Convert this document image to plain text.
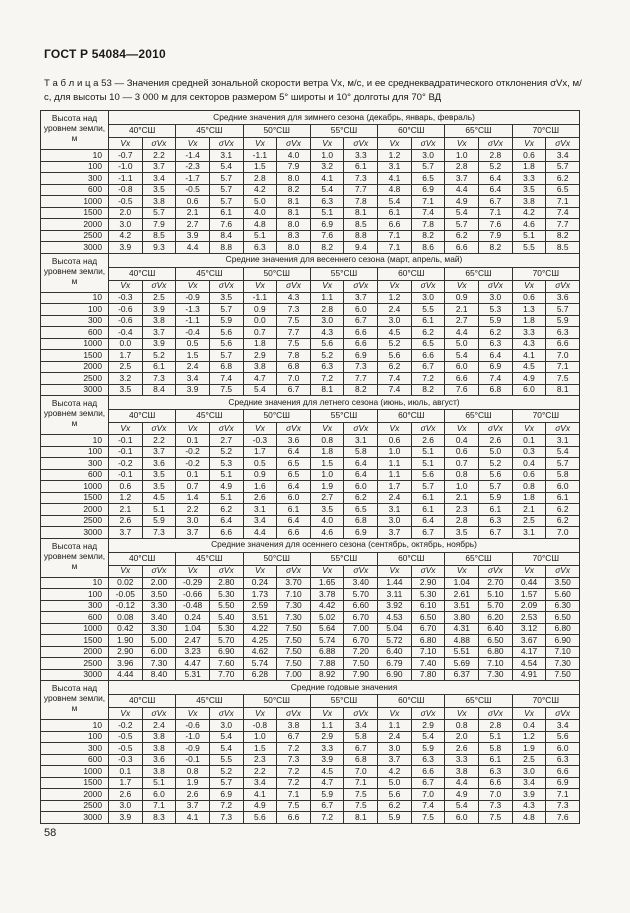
ГОСТ Р 54084—2010
Т а б л и ц а 53 — Значения средней зональной скорости ветра Vx, м/с, и ее среднеквадратического отклонения σVx, м/с, для высоты 10 — 3 000 м для секторов размером 5° широты и 10° долготы для 70° ВД
Высота над уровнем земли, м	Средние значения для зимнего сезона (декабрь, январь, февраль)													
	40°СШ		45°СШ		50°СШ		55°СШ		60°СШ		65°СШ		70°СШ	
	Vx	σVx	Vx	σVx	Vx	σVx	Vx	σVx	Vx	σVx	Vx	σVx	Vx	σVx
10	-0.7	2.2	-1.4	3.1	-1.1	4.0	1.0	3.3	1.2	3.0	1.0	2.8	0.6	3.4
100	-1.0	3.7	-2.3	5.4	1.5	7.9	3.2	6.1	3.1	5.7	2.8	5.2	1.8	5.7
300	-1.1	3.4	-1.7	5.7	2.8	8.0	4.1	7.3	4.1	6.5	3.7	6.4	3.3	6.2
600	-0.8	3.5	-0.5	5.7	4.2	8.2	5.4	7.7	4.8	6.9	4.4	6.4	3.5	6.5
1000	-0.5	3.8	0.6	5.7	5.0	8.1	6.3	7.8	5.4	7.1	4.9	6.7	3.8	7.1
1500	2.0	5.7	2.1	6.1	4.0	8.1	5.1	8.1	6.1	7.4	5.4	7.1	4.2	7.4
2000	3.0	7.9	2.7	7.6	4.8	8.0	6.9	8.5	6.6	7.8	5.7	7.6	4.6	7.7
2500	4.2	8.5	3.9	8.4	5.1	8.3	7.6	8.8	7.1	8.2	6.2	7.9	5.1	8.2
3000	3.9	9.3	4.4	8.8	6.3	8.0	8.2	9.4	7.1	8.6	6.6	8.2	5.5	8.5
Высота над уровнем земли, м	Средние значения для весеннего сезона (март, апрель, май)													
	40°СШ		45°СШ		50°СШ		55°СШ		60°СШ		65°СШ		70°СШ	
	Vx	σVx	Vx	σVx	Vx	σVx	Vx	σVx	Vx	σVx	Vx	σVx	Vx	σVx
10	-0.3	2.5	-0.9	3.5	-1.1	4.3	1.1	3.7	1.2	3.0	0.9	3.0	0.6	3.6
100	-0.6	3.9	-1.3	5.7	0.9	7.3	2.8	6.0	2.4	5.5	2.1	5.3	1.3	5.7
300	-0.6	3.8	-1.1	5.9	0.0	7.5	3.0	6.7	3.0	6.1	2.7	5.9	1.8	5.9
600	-0.4	3.7	-0.4	5.6	0.7	7.7	4.3	6.6	4.5	6.2	4.4	6.2	3.3	6.3
1000	0.0	3.9	0.5	5.6	1.8	7.5	5.6	6.6	5.2	6.5	5.0	6.3	4.3	6.6
1500	1.7	5.2	1.5	5.7	2.9	7.8	5.2	6.9	5.6	6.6	5.4	6.4	4.1	7.0
2000	2.5	6.1	2.4	6.8	3.8	6.8	6.3	7.3	6.2	6.7	6.0	6.9	4.5	7.1
2500	3.2	7.3	3.4	7.4	4.7	7.0	7.2	7.7	7.4	7.2	6.6	7.4	4.9	7.5
3000	3.5	8.4	3.9	7.5	5.4	6.7	8.1	8.2	7.4	8.2	7.6	6.8	6.0	8.1
Высота над уровнем земли, м	Средние значения для летнего сезона (июнь, июль, август)													
	40°СШ		45°СШ		50°СШ		55°СШ		60°СШ		65°СШ		70°СШ	
	Vx	σVx	Vx	σVx	Vx	σVx	Vx	σVx	Vx	σVx	Vx	σVx	Vx	σVx
10	-0.1	2.2	0.1	2.7	-0.3	3.6	0.8	3.1	0.6	2.6	0.4	2.6	0.1	3.1
100	-0.1	3.7	-0.2	5.2	1.7	6.4	1.8	5.8	1.0	5.1	0.6	5.0	0.3	5.4
300	-0.2	3.6	-0.2	5.3	0.5	6.5	1.5	6.4	1.1	5.1	0.7	5.2	0.4	5.7
600	-0.1	3.5	0.1	5.1	0.9	6.5	1.0	6.4	1.1	5.6	0.8	5.6	0.6	5.8
1000	0.6	3.5	0.7	4.9	1.6	6.4	1.9	6.0	1.7	5.7	1.0	5.7	0.8	6.0
1500	1.2	4.5	1.4	5.1	2.6	6.0	2.7	6.2	2.4	6.1	2.1	5.9	1.8	6.1
2000	2.1	5.1	2.2	6.2	3.1	6.1	3.5	6.5	3.1	6.1	2.3	6.1	2.1	6.2
2500	2.6	5.9	3.0	6.4	3.4	6.4	4.0	6.8	3.0	6.4	2.8	6.3	2.5	6.2
3000	3.7	7.3	3.7	6.6	4.4	6.6	4.6	6.9	3.7	6.7	3.5	6.7	3.1	7.0
Высота над уровнем земли, м	Средние значения для осеннего сезона (сентябрь, октябрь, ноябрь)													
	40°СШ		45°СШ		50°СШ		55°СШ		60°СШ		65°СШ		70°СШ	
	Vx	σVx	Vx	σVx	Vx	σVx	Vx	σVx	Vx	σVx	Vx	σVx	Vx	σVx
10	0.02	2.00	-0.29	2.80	0.24	3.70	1.65	3.40	1.44	2.90	1.04	2.70	0.44	3.50
100	-0.05	3.50	-0.66	5.30	1.73	7.10	3.78	5.70	3.11	5.30	2.61	5.10	1.57	5.60
300	-0.12	3.30	-0.48	5.50	2.59	7.30	4.42	6.60	3.92	6.10	3.51	5.70	2.09	6.30
600	0.08	3.40	0.24	5.40	3.51	7.30	5.02	6.70	4.53	6.50	3.80	6.20	2.53	6.50
1000	0.42	3.30	1.04	5.30	4.22	7.50	5.64	7.00	5.04	6.70	4.31	6.40	3.12	6.80
1500	1.90	5.00	2.47	5.70	4.25	7.50	5.74	6.70	5.72	6.80	4.88	6.50	3.67	6.90
2000	2.90	6.00	3.23	6.90	4.62	7.50	6.88	7.20	6.40	7.10	5.51	6.80	4.17	7.10
2500	3.96	7.30	4.47	7.60	5.74	7.50	7.88	7.50	6.79	7.40	5.69	7.10	4.54	7.30
3000	4.44	8.40	5.31	7.70	6.28	7.00	8.92	7.90	6.90	7.80	6.37	7.30	4.91	7.50
Высота над уровнем земли, м	Средние годовые значения													
	40°СШ		45°СШ		50°СШ		55°СШ		60°СШ		65°СШ		70°СШ	
	Vx	σVx	Vx	σVx	Vx	σVx	Vx	σVx	Vx	σVx	Vx	σVx	Vx	σVx
10	-0.2	2.4	-0.6	3.0	-0.8	3.8	1.1	3.4	1.1	2.9	0.8	2.8	0.4	3.4
100	-0.5	3.8	-1.0	5.4	1.0	6.7	2.9	5.8	2.4	5.4	2.0	5.1	1.2	5.6
300	-0.5	3.8	-0.9	5.4	1.5	7.2	3.3	6.7	3.0	5.9	2.6	5.8	1.9	6.0
600	-0.3	3.6	-0.1	5.5	2.3	7.3	3.9	6.8	3.7	6.3	3.3	6.1	2.5	6.3
1000	0.1	3.8	0.8	5.2	2.2	7.2	4.5	7.0	4.2	6.6	3.8	6.3	3.0	6.6
1500	1.7	5.1	1.9	5.7	3.4	7.2	4.7	7.1	5.0	6.7	4.4	6.6	3.4	6.9
2000	2.6	6.0	2.6	6.9	4.1	7.1	5.9	7.5	5.6	7.0	4.9	7.0	3.9	7.1
2500	3.0	7.1	3.7	7.2	4.9	7.5	6.7	7.5	6.2	7.4	5.4	7.3	4.3	7.3
3000	3.9	8.3	4.1	7.3	5.6	6.6	7.2	8.1	5.9	7.5	6.0	7.5	4.8	7.6
58
